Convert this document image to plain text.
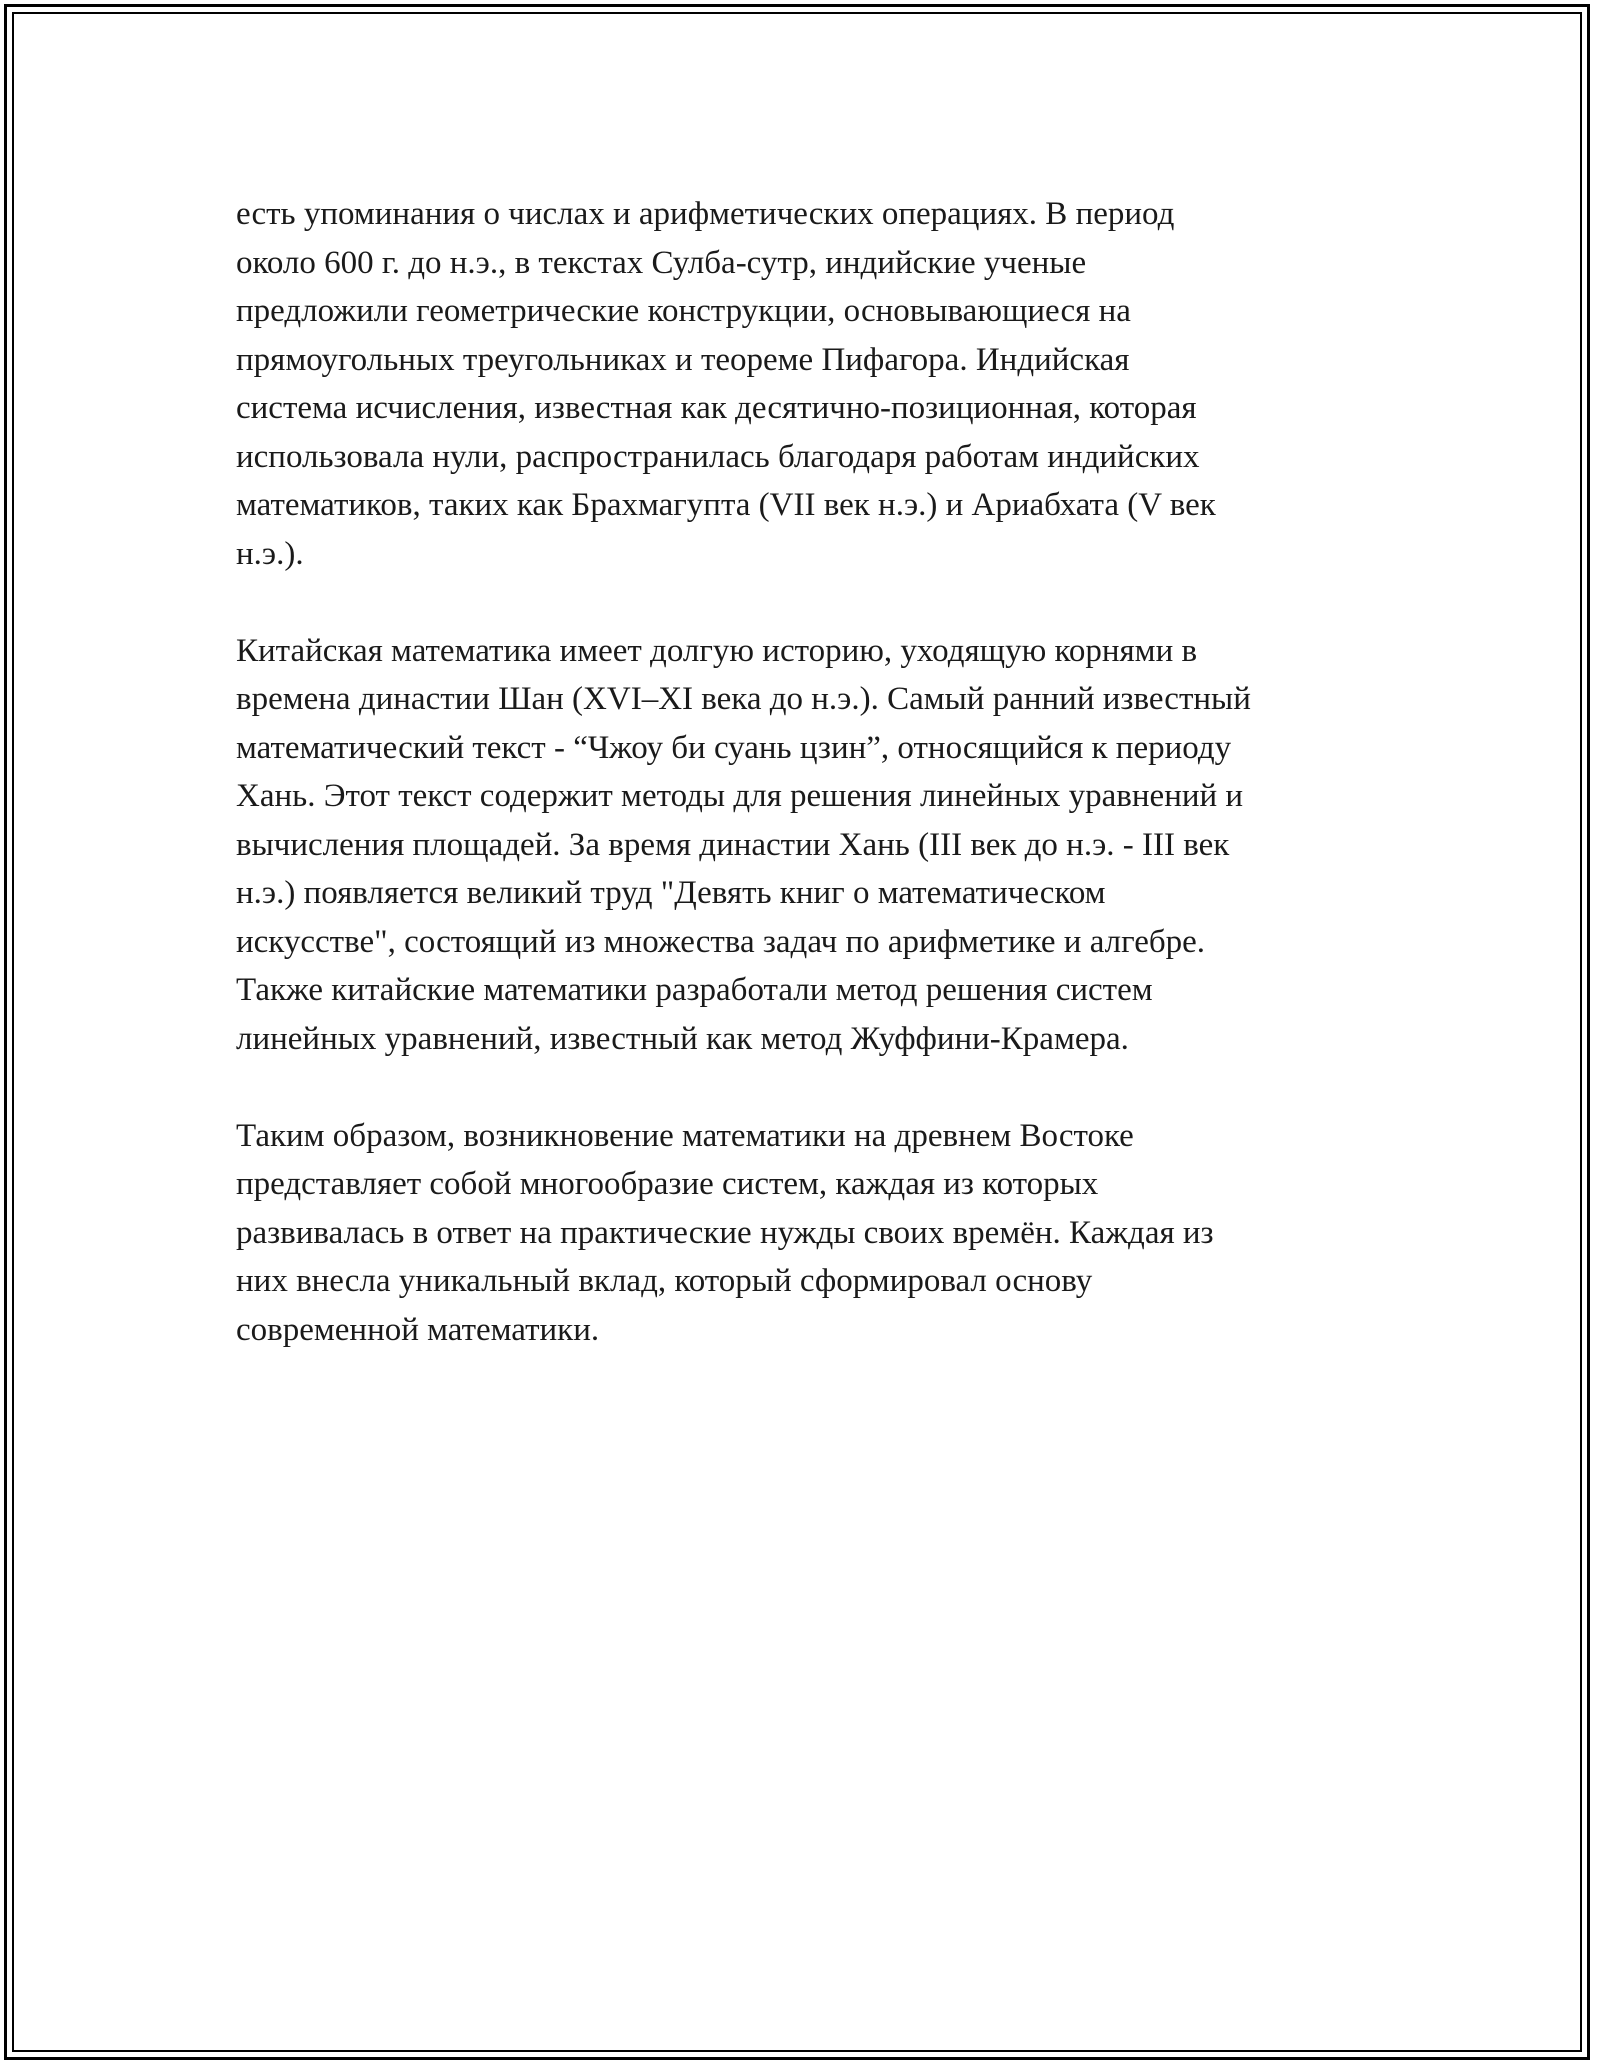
есть упоминания о числах и арифметических операциях. В период
около 600 г. до н.э., в текстах Сулба-сутр, индийские ученые
предложили геометрические конструкции, основывающиеся на
прямоугольных треугольниках и теореме Пифагора. Индийская
система исчисления, известная как десятично-позиционная, которая
использовала нули, распространилась благодаря работам индийских
математиков, таких как Брахмагупта (VII век н.э.) и Ариабхата (V век
н.э.).

Китайская математика имеет долгую историю, уходящую корнями в
времена династии Шан (XVI–XI века до н.э.). Самый ранний известный
математический текст - “Чжоу би суань цзин”, относящийся к периоду
Хань. Этот текст содержит методы для решения линейных уравнений и
вычисления площадей. За время династии Хань (III век до н.э. - III век
н.э.) появляется великий труд "Девять книг о математическом
искусстве", состоящий из множества задач по арифметике и алгебре.
Также китайские математики разработали метод решения систем
линейных уравнений, известный как метод Жуффини-Крамера.

Таким образом, возникновение математики на древнем Востоке
представляет собой многообразие систем, каждая из которых
развивалась в ответ на практические нужды своих времён. Каждая из
них внесла уникальный вклад, который сформировал основу
современной математики.
